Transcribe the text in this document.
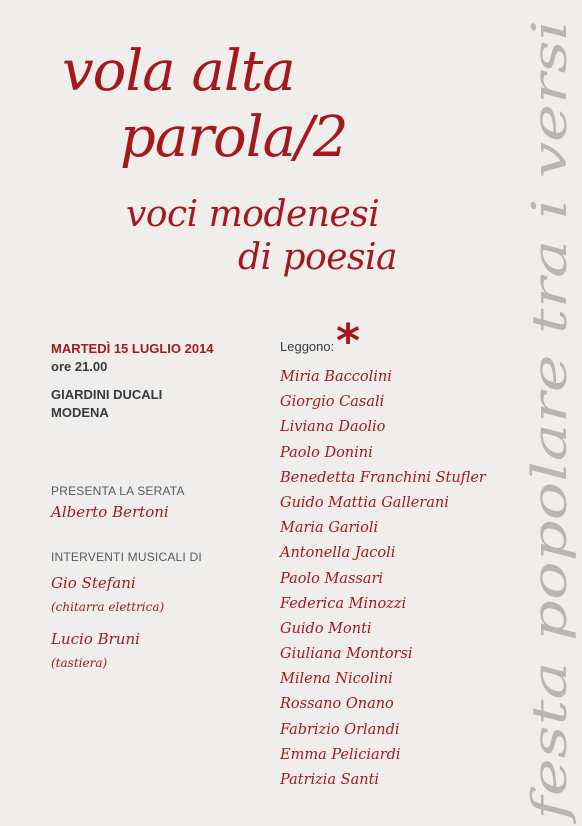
vola alta
parola/2
voci modenesi
di poesia
MARTEDÌ 15 LUGLIO 2014
ore 21.00
GIARDINI DUCALI
MODENA
PRESENTA LA SERATA
Alberto Bertoni
INTERVENTI MUSICALI DI
Gio Stefani
(chitarra elettrica)
Lucio Bruni
(tastiera)
Leggono: *
Miria Baccolini
Giorgio Casali
Liviana Daolio
Paolo Donini
Benedetta Franchini Stufler
Guido Mattia Gallerani
Maria Garioli
Antonella Jacoli
Paolo Massari
Federica Minozzi
Guido Monti
Giuliana Montorsi
Milena Nicolini
Rossano Onano
Fabrizio Orlandi
Emma Peliciardi
Patrizia Santi	festa popolare tra i versi
